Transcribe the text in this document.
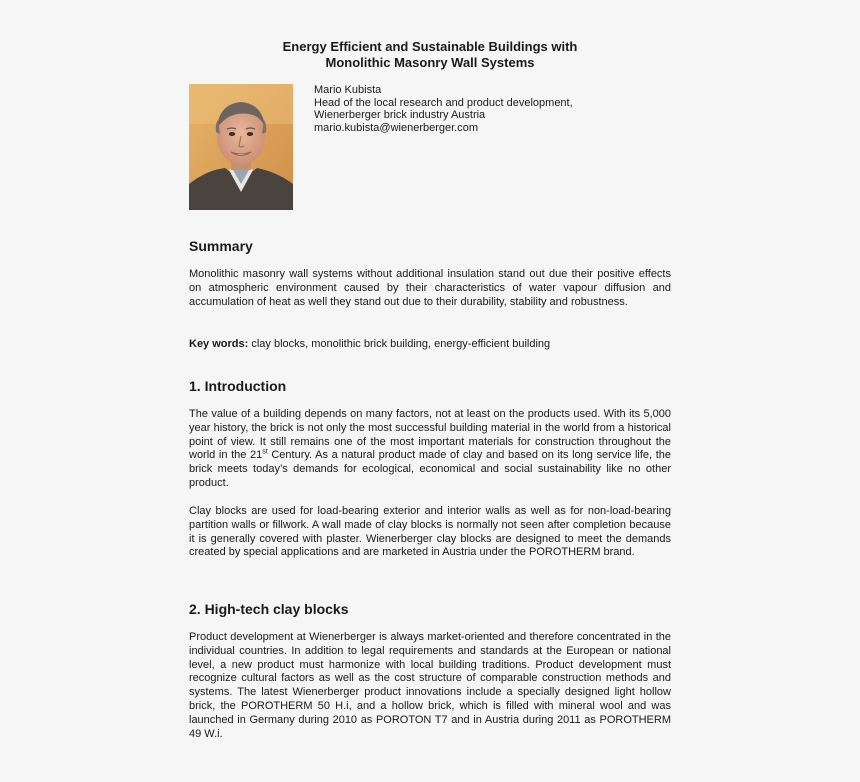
Energy Efficient and Sustainable Buildings with
Monolithic Masonry Wall Systems
Mario Kubista
Head of the local research and product development,
Wienerberger brick industry Austria
mario.kubista@wienerberger.com
Summary

Monolithic masonry wall systems without additional insulation stand out due their positive effects on atmospheric environment caused by their characteristics of water vapour diffusion and accumulation of heat as well they stand out due to their durability, stability and robustness.

Key words: clay blocks, monolithic brick building, energy-efficient building
1. Introduction

The value of a building depends on many factors, not at least on the products used. With its 5,000 year history, the brick is not only the most successful building material in the world from a historical point of view. It still remains one of the most important materials for construction throughout the world in the 21st Century. As a natural product made of clay and based on its long service life, the brick meets today’s demands for ecological, economical and social sustainability like no other product.

Clay blocks are used for load-bearing exterior and interior walls as well as for non-load-bearing partition walls or fillwork. A wall made of clay blocks is normally not seen after completion because it is generally covered with plaster. Wienerberger clay blocks are designed to meet the demands created by special applications and are marketed in Austria under the POROTHERM brand.

2. High-tech clay blocks

Product development at Wienerberger is always market-oriented and therefore concentrated in the individual countries. In addition to legal requirements and standards at the European or national level, a new product must harmonize with local building traditions. Product development must recognize cultural factors as well as the cost structure of comparable construction methods and systems. The latest Wienerberger product innovations include a specially designed light hollow brick, the POROTHERM 50 H.i, and a hollow brick, which is filled with mineral wool and was launched in Germany during 2010 as POROTON T7 and in Austria during 2011 as POROTHERM 49 W.i.
